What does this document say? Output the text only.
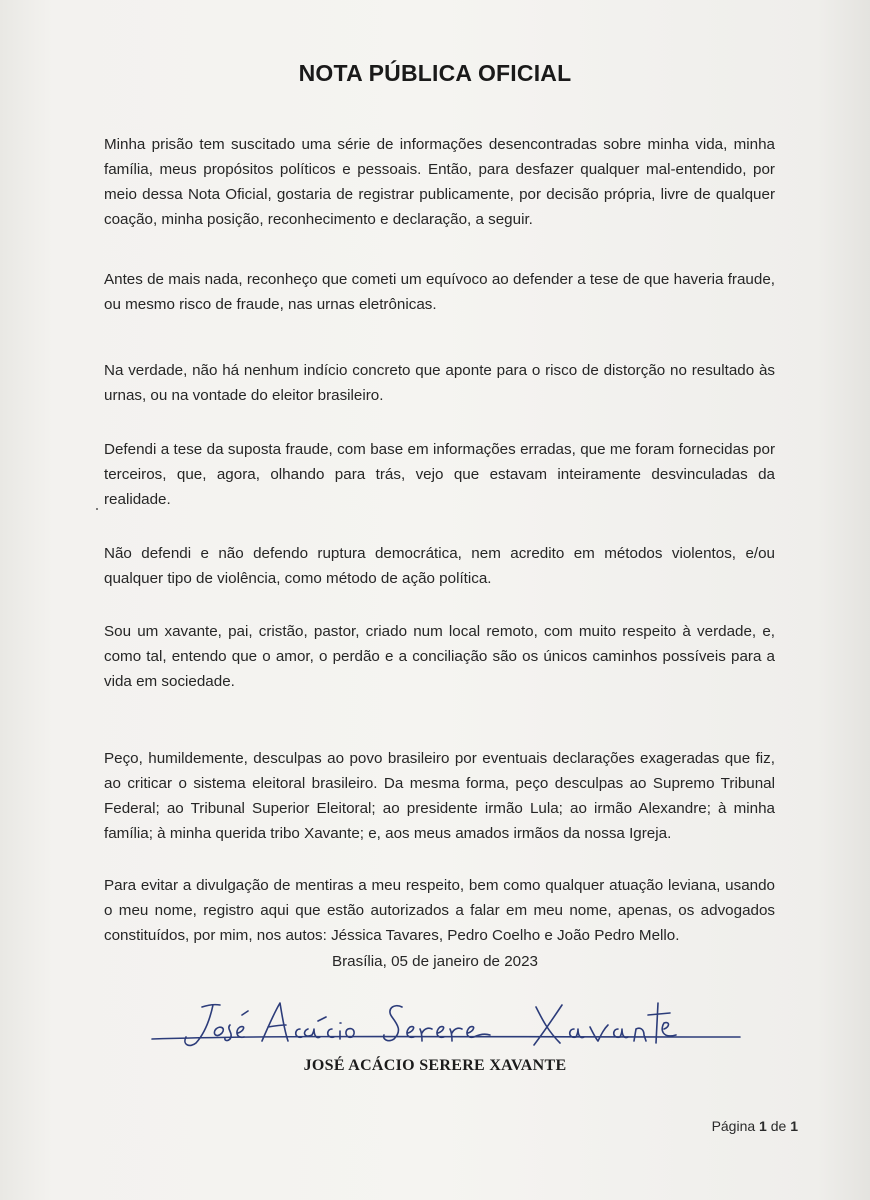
NOTA PÚBLICA OFICIAL

Minha prisão tem suscitado uma série de informações desencontradas sobre minha vida, minha família, meus propósitos políticos e pessoais. Então, para desfazer qualquer mal-entendido, por meio dessa Nota Oficial, gostaria de registrar publicamente, por decisão própria, livre de qualquer coação, minha posição, reconhecimento e declaração, a seguir.

Antes de mais nada, reconheço que cometi um equívoco ao defender a tese de que haveria fraude, ou mesmo risco de fraude, nas urnas eletrônicas.

Na verdade, não há nenhum indício concreto que aponte para o risco de distorção no resultado às urnas, ou na vontade do eleitor brasileiro.

Defendi a tese da suposta fraude, com base em informações erradas, que me foram fornecidas por terceiros, que, agora, olhando para trás, vejo que estavam inteiramente desvinculadas da realidade.

Não defendi e não defendo ruptura democrática, nem acredito em métodos violentos, e/ou qualquer tipo de violência, como método de ação política.

Sou um xavante, pai, cristão, pastor, criado num local remoto, com muito respeito à verdade, e, como tal, entendo que o amor, o perdão e a conciliação são os únicos caminhos possíveis para a vida em sociedade.

Peço, humildemente, desculpas ao povo brasileiro por eventuais declarações exageradas que fiz, ao criticar o sistema eleitoral brasileiro. Da mesma forma, peço desculpas ao Supremo Tribunal Federal; ao Tribunal Superior Eleitoral; ao presidente irmão Lula; ao irmão Alexandre; à minha família; à minha querida tribo Xavante; e, aos meus amados irmãos da nossa Igreja.

Para evitar a divulgação de mentiras a meu respeito, bem como qualquer atuação leviana, usando o meu nome, registro aqui que estão autorizados a falar em meu nome, apenas, os advogados constituídos, por mim, nos autos: Jéssica Tavares, Pedro Coelho e João Pedro Mello.

Brasília, 05 de janeiro de 2023
JOSÉ ACÁCIO SERERE XAVANTE
Página 1 de 1
